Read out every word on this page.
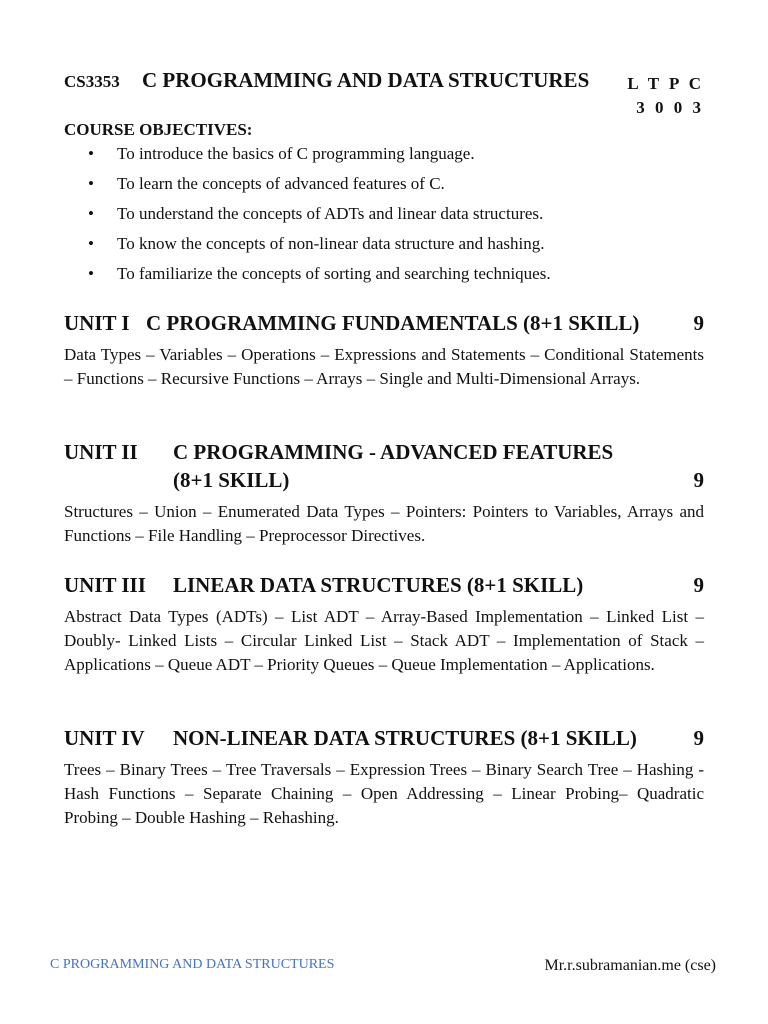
CS3353 C PROGRAMMING AND DATA STRUCTURES L T P C
3 0 0 3
COURSE OBJECTIVES:
• To introduce the basics of C programming language.
• To learn the concepts of advanced features of C.
• To understand the concepts of ADTs and linear data structures.
• To know the concepts of non-linear data structure and hashing.
• To familiarize the concepts of sorting and searching techniques.
UNIT I C PROGRAMMING FUNDAMENTALS (8+1 SKILL)	9
Data Types – Variables – Operations – Expressions and Statements – Conditional Statements – Functions – Recursive Functions – Arrays – Single and Multi-Dimensional Arrays.
UNIT II C PROGRAMMING - ADVANCED FEATURES
(8+1 SKILL)	9
Structures – Union – Enumerated Data Types – Pointers: Pointers to Variables, Arrays and Functions – File Handling – Preprocessor Directives.
UNIT III LINEAR DATA STRUCTURES (8+1 SKILL)	9
Abstract Data Types (ADTs) – List ADT – Array-Based Implementation – Linked List – Doubly- Linked Lists – Circular Linked List – Stack ADT – Implementation of Stack – Applications – Queue ADT – Priority Queues – Queue Implementation – Applications.
UNIT IV NON-LINEAR DATA STRUCTURES (8+1 SKILL)	9
Trees – Binary Trees – Tree Traversals – Expression Trees – Binary Search Tree – Hashing - Hash Functions – Separate Chaining – Open Addressing – Linear Probing– Quadratic Probing – Double Hashing – Rehashing.
C PROGRAMMING AND DATA STRUCTURES	Mr.r.subramanian.me (cse)
